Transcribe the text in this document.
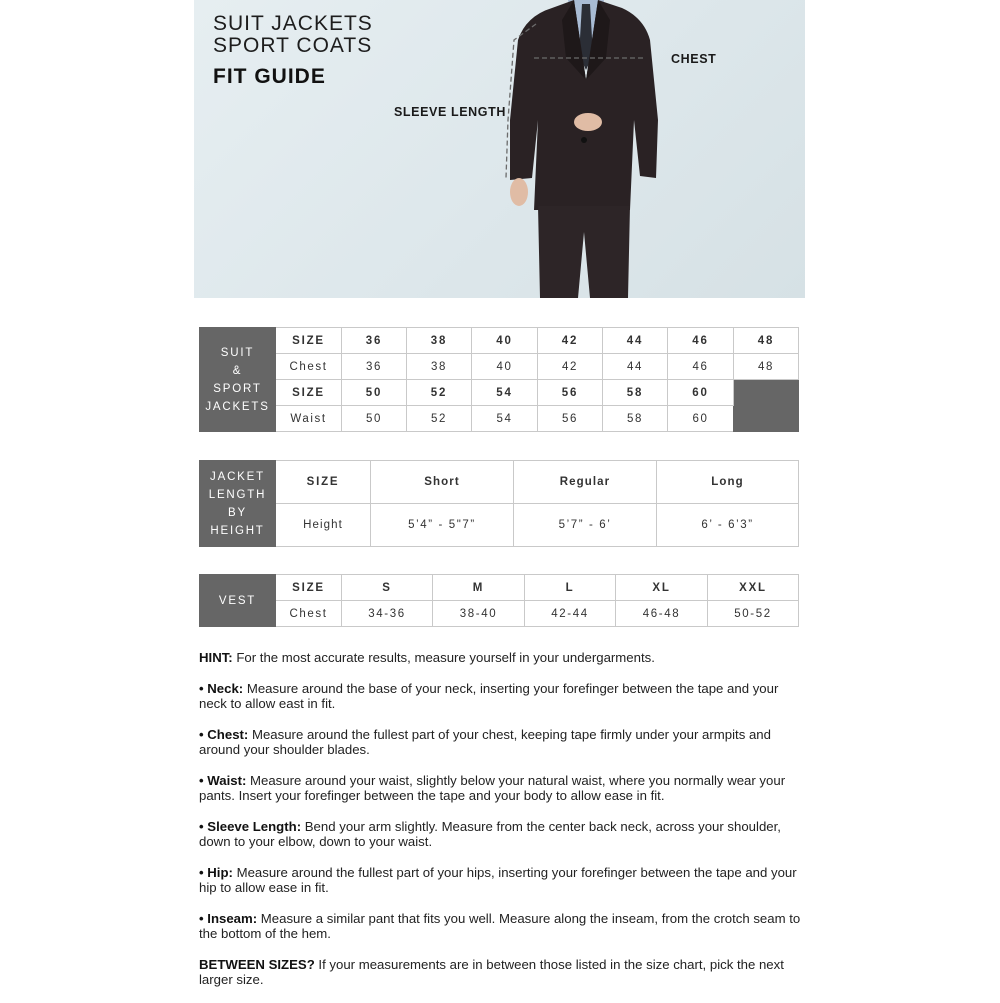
SUIT JACKETS
SPORT COATS
FIT GUIDE
CHEST
SLEEVE LENGTH
SUIT
&
SPORT
JACKETS	SIZE	36	38	40	42	44	46	48
	Chest	36	38	40	42	44	46	48
	SIZE	50	52	54	56	58	60	
	Waist	50	52	54	56	58	60	
JACKET
LENGTH
BY
HEIGHT	SIZE	Short	Regular	Long
	Height	5’4” - 5"7”	5’7” - 6’	6’ - 6’3”
VEST	SIZE	S	M	L	XL	XXL
	Chest	34-36	38-40	42-44	46-48	50-52

HINT: For the most accurate results, measure yourself in your undergarments.

• Neck: Measure around the base of your neck, inserting your forefinger between the tape and your neck to allow east in fit.

• Chest: Measure around the fullest part of your chest, keeping tape firmly under your armpits and around your shoulder blades.

• Waist: Measure around your waist, slightly below your natural waist, where you normally wear your pants. Insert your forefinger between the tape and your body to allow ease in fit.

• Sleeve Length: Bend your arm slightly. Measure from the center back neck, across your shoulder, down to your elbow, down to your waist.

• Hip: Measure around the fullest part of your hips, inserting your forefinger between the tape and your hip to allow ease in fit.

• Inseam: Measure a similar pant that fits you well. Measure along the inseam, from the crotch seam to the bottom of the hem.

BETWEEN SIZES? If your measurements are in between those listed in the size chart, pick the next larger size.
